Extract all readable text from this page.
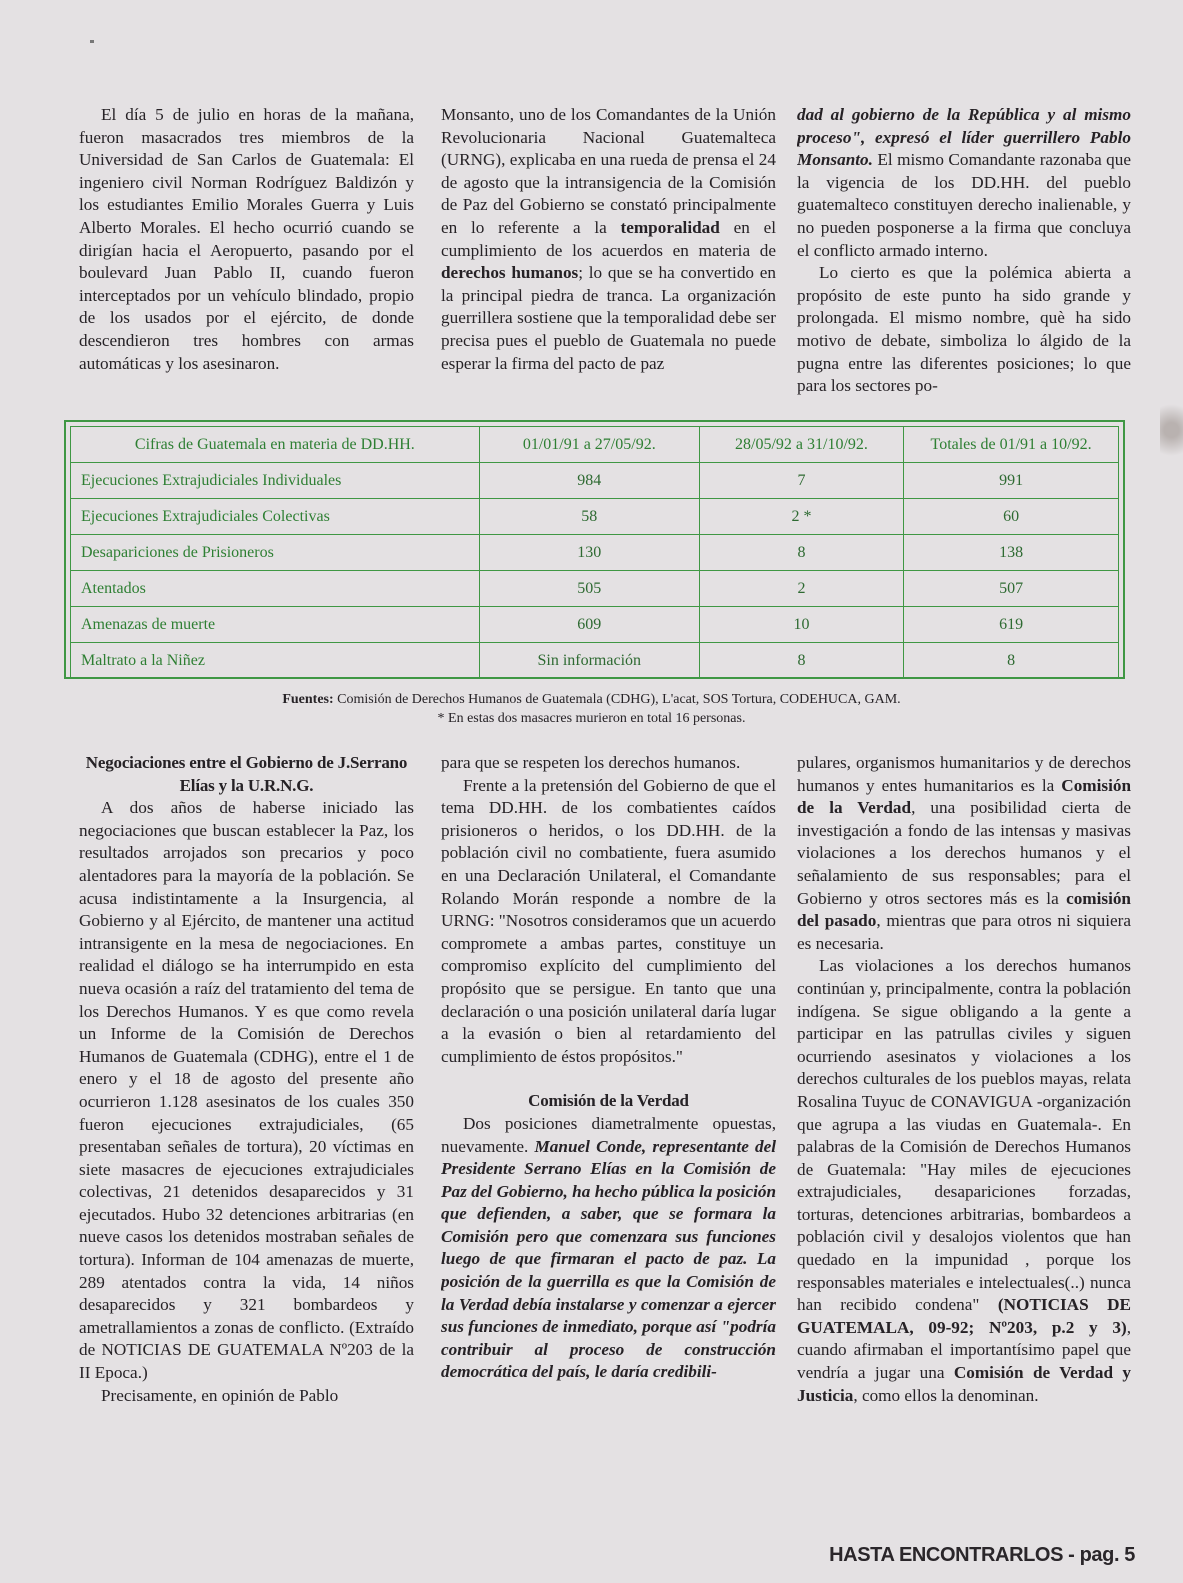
El día 5 de julio en horas de la mañana, fueron masacrados tres miembros de la Universidad de San Carlos de Guatemala: El ingeniero civil Norman Rodríguez Baldizón y los estudiantes Emilio Morales Guerra y Luis Alberto Morales. El hecho ocurrió cuando se dirigían hacia el Aeropuerto, pasando por el boulevard Juan Pablo II, cuando fueron interceptados por un vehículo blindado, propio de los usados por el ejército, de donde descendieron tres hombres con armas automáticas y los asesinaron.

Monsanto, uno de los Comandantes de la Unión Revolucionaria Nacional Guatemalteca (URNG), explicaba en una rueda de prensa el 24 de agosto que la intransigencia de la Comisión de Paz del Gobierno se constató principalmente en lo referente a la temporalidad en el cumplimiento de los acuerdos en materia de derechos humanos; lo que se ha convertido en la principal piedra de tranca. La organización guerrillera sostiene que la temporalidad debe ser precisa pues el pueblo de Guatemala no puede esperar la firma del pacto de paz

dad al gobierno de la República y al mismo proceso", expresó el líder guerrillero Pablo Monsanto. El mismo Comandante razonaba que la vigencia de los DD.HH. del pueblo guatemalteco constituyen derecho inalienable, y no pueden posponerse a la firma que concluya el conflicto armado interno.

Lo cierto es que la polémica abierta a propósito de este punto ha sido grande y prolongada. El mismo nombre, què ha sido motivo de debate, simboliza lo álgido de la pugna entre las diferentes posiciones; lo que para los sectores po-

Cifras de Guatemala en materia de DD.HH.	01/01/91 a 27/05/92.	28/05/92 a 31/10/92.	Totales de 01/91 a 10/92.
Ejecuciones Extrajudiciales Individuales	984	7	991
Ejecuciones Extrajudiciales Colectivas	58	2 *	60
Desapariciones de Prisioneros	130	8	138
Atentados	505	2	507
Amenazas de muerte	609	10	619
Maltrato a la Niñez	Sin información	8	8
Fuentes: Comisión de Derechos Humanos de Guatemala (CDHG), L'acat, SOS Tortura, CODEHUCA, GAM.
* En estas dos masacres murieron en total 16 personas.
Negociaciones entre el Gobierno de J.Serrano Elías y la U.R.N.G.

A dos años de haberse iniciado las negociaciones que buscan establecer la Paz, los resultados arrojados son precarios y poco alentadores para la mayoría de la población. Se acusa indistintamente a la Insurgencia, al Gobierno y al Ejército, de mantener una actitud intransigente en la mesa de negociaciones. En realidad el diálogo se ha interrumpido en esta nueva ocasión a raíz del tratamiento del tema de los Derechos Humanos. Y es que como revela un Informe de la Comisión de Derechos Humanos de Guatemala (CDHG), entre el 1 de enero y el 18 de agosto del presente año ocurrieron 1.128 asesinatos de los cuales 350 fueron ejecuciones extrajudiciales, (65 presentaban señales de tortura), 20 víctimas en siete masacres de ejecuciones extrajudiciales colectivas, 21 detenidos desaparecidos y 31 ejecutados. Hubo 32 detenciones arbitrarias (en nueve casos los detenidos mostraban señales de tortura). Informan de 104 amenazas de muerte, 289 atentados contra la vida, 14 niños desaparecidos y 321 bombardeos y ametrallamientos a zonas de conflicto. (Extraído de NOTICIAS DE GUATEMALA Nº203 de la II Epoca.)

Precisamente, en opinión de Pablo

para que se respeten los derechos humanos.

Frente a la pretensión del Gobierno de que el tema DD.HH. de los combatientes caídos prisioneros o heridos, o los DD.HH. de la población civil no combatiente, fuera asumido en una Declaración Unilateral, el Comandante Rolando Morán responde a nombre de la URNG: "Nosotros consideramos que un acuerdo compromete a ambas partes, constituye un compromiso explícito del cumplimiento del propósito que se persigue. En tanto que una declaración o una posición unilateral daría lugar a la evasión o bien al retardamiento del cumplimiento de éstos propósitos."

Comisión de la Verdad

Dos posiciones diametralmente opuestas, nuevamente. Manuel Conde, representante del Presidente Serrano Elías en la Comisión de Paz del Gobierno, ha hecho pública la posición que defienden, a saber, que se formara la Comisión pero que comenzara sus funciones luego de que firmaran el pacto de paz. La posición de la guerrilla es que la Comisión de la Verdad debía instalarse y comenzar a ejercer sus funciones de inmediato, porque así "podría contribuir al proceso de construcción democrática del país, le daría credibili-

pulares, organismos humanitarios y de derechos humanos y entes humanitarios es la Comisión de la Verdad, una posibilidad cierta de investigación a fondo de las intensas y masivas violaciones a los derechos humanos y el señalamiento de sus responsables; para el Gobierno y otros sectores más es la comisión del pasado, mientras que para otros ni siquiera es necesaria.

Las violaciones a los derechos humanos continúan y, principalmente, contra la población indígena. Se sigue obligando a la gente a participar en las patrullas civiles y siguen ocurriendo asesinatos y violaciones a los derechos culturales de los pueblos mayas, relata Rosalina Tuyuc de CONAVIGUA -organización que agrupa a las viudas en Guatemala-. En palabras de la Comisión de Derechos Humanos de Guatemala: "Hay miles de ejecuciones extrajudiciales, desapariciones forzadas, torturas, detenciones arbitrarias, bombardeos a población civil y desalojos violentos que han quedado en la impunidad , porque los responsables materiales e intelectuales(..) nunca han recibido condena" (NOTICIAS DE GUATEMALA, 09-92; Nº203, p.2 y 3), cuando afirmaban el importantísimo papel que vendría a jugar una Comisión de Verdad y Justicia, como ellos la denominan.

HASTA ENCONTRARLOS - pag. 5
